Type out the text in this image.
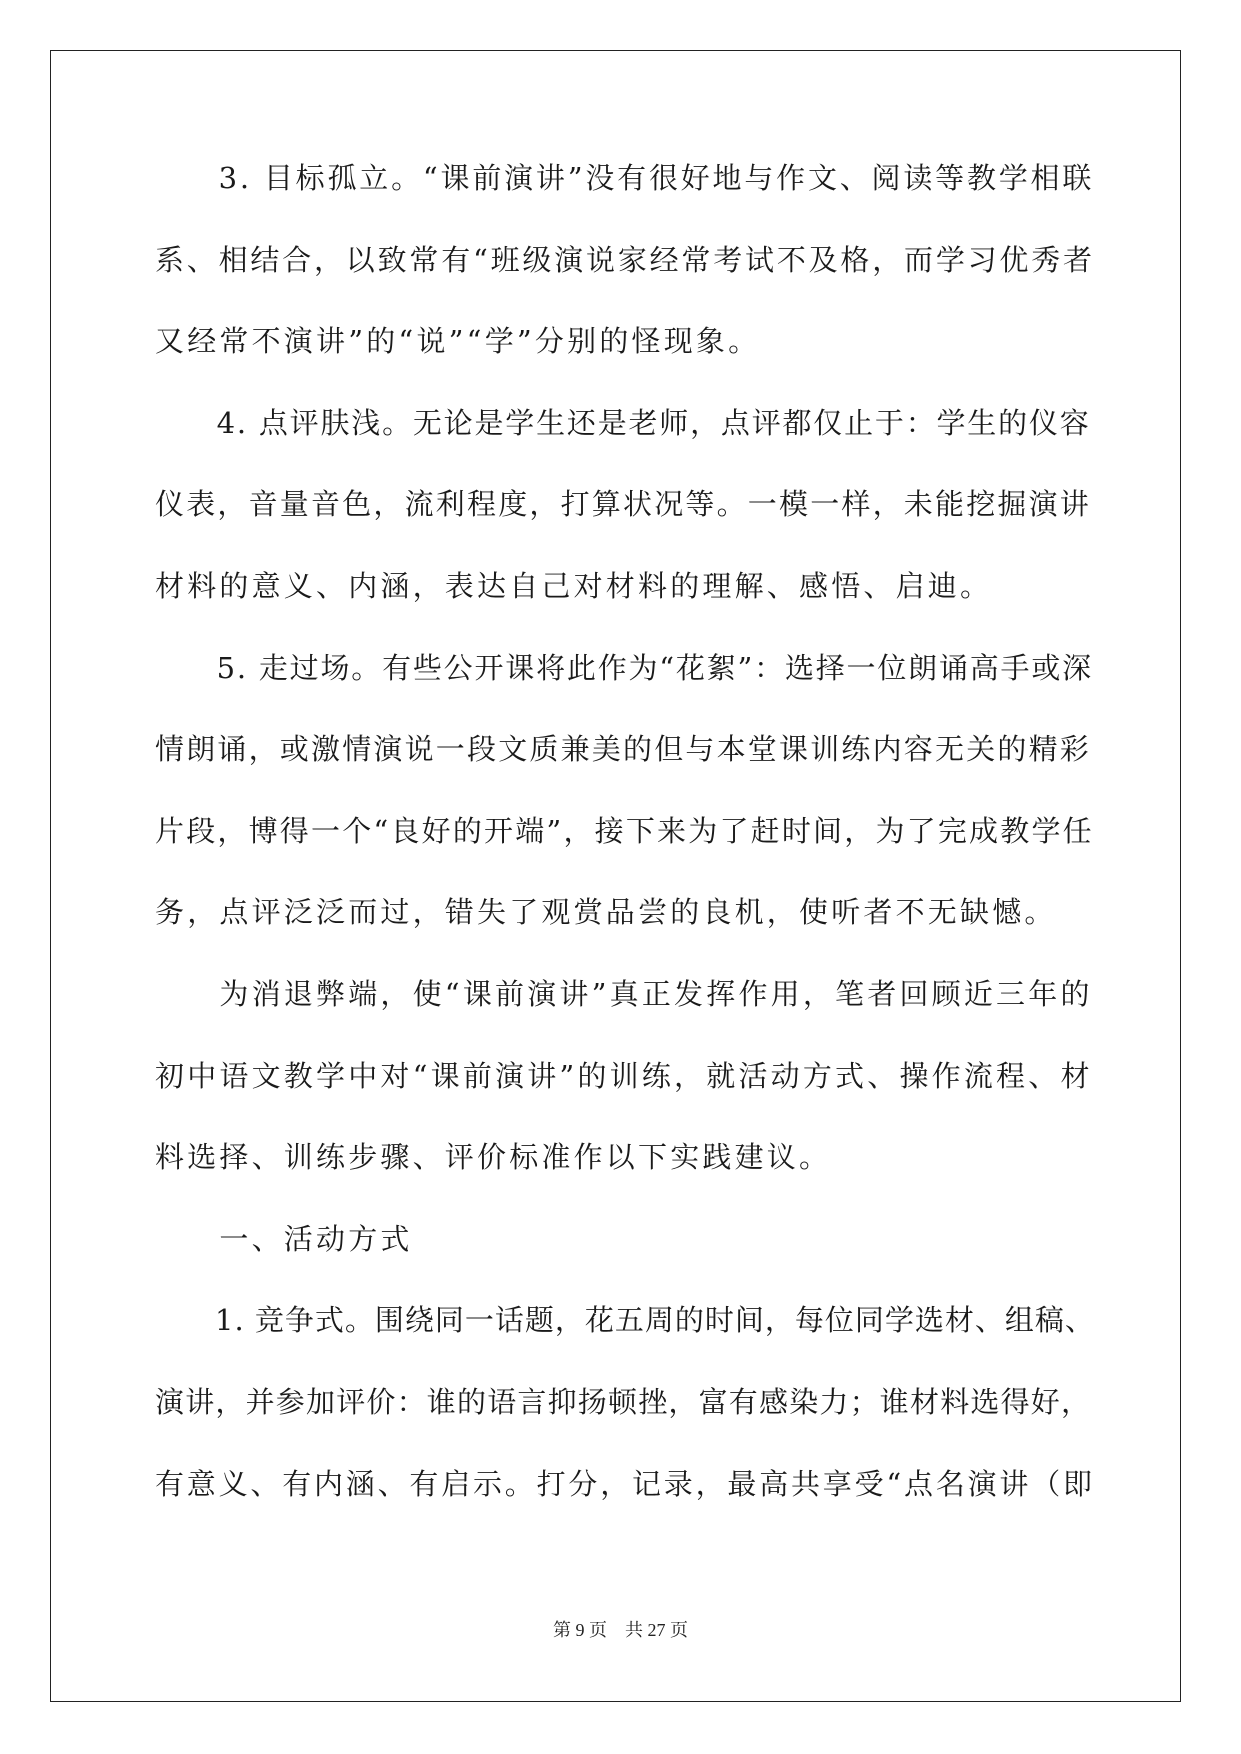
　　3. 目标孤立。“课前演讲”没有很好地与作文、阅读等教学相联
系、相结合，以致常有“班级演说家经常考试不及格，而学习优秀者
又经常不演讲”的“说”“学”分别的怪现象。
　　4. 点评肤浅。无论是学生还是老师，点评都仅止于：学生的仪容
仪表，音量音色，流利程度，打算状况等。一模一样，未能挖掘演讲
材料的意义、内涵，表达自己对材料的理解、感悟、启迪。
　　5. 走过场。有些公开课将此作为“花絮”：选择一位朗诵高手或深
情朗诵，或激情演说一段文质兼美的但与本堂课训练内容无关的精彩
片段，博得一个“良好的开端”，接下来为了赶时间，为了完成教学任
务，点评泛泛而过，错失了观赏品尝的良机，使听者不无缺憾。
　　为消退弊端，使“课前演讲”真正发挥作用，笔者回顾近三年的
初中语文教学中对“课前演讲”的训练，就活动方式、操作流程、材
料选择、训练步骤、评价标准作以下实践建议。
　　一、活动方式
　　1. 竞争式。围绕同一话题，花五周的时间，每位同学选材、组稿、
演讲，并参加评价：谁的语言抑扬顿挫，富有感染力；谁材料选得好，
有意义、有内涵、有启示。打分，记录，最高共享受“点名演讲（即
第 9 页　共 27 页
